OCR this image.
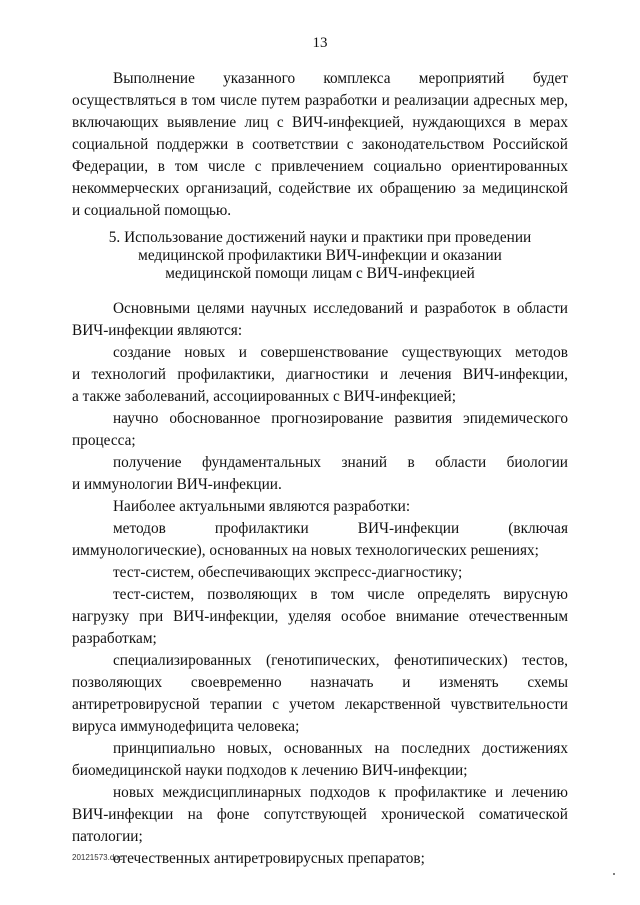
13
Выполнение указанного комплекса мероприятий будет
осуществляться в том числе путем разработки и реализации адресных мер,
включающих выявление лиц с ВИЧ-инфекцией, нуждающихся в мерах
социальной поддержки в соответствии с законодательством Российской
Федерации, в том числе с привлечением социально ориентированных
некоммерческих организаций, содействие их обращению за медицинской
и социальной помощью.
5. Использование достижений науки и практики при проведении
медицинской профилактики ВИЧ-инфекции и оказании
медицинской помощи лицам с ВИЧ-инфекцией
Основными целями научных исследований и разработок в области
ВИЧ-инфекции являются:
создание новых и совершенствование существующих методов
и технологий профилактики, диагностики и лечения ВИЧ-инфекции,
а также заболеваний, ассоциированных с ВИЧ-инфекцией;
научно обоснованное прогнозирование развития эпидемического
процесса;
получение фундаментальных знаний в области биологии
и иммунологии ВИЧ-инфекции.
Наиболее актуальными являются разработки:
методов профилактики ВИЧ-инфекции (включая
иммунологические), основанных на новых технологических решениях;
тест-систем, обеспечивающих экспресс-диагностику;
тест-систем, позволяющих в том числе определять вирусную
нагрузку при ВИЧ-инфекции, уделяя особое внимание отечественным
разработкам;
специализированных (генотипических, фенотипических) тестов,
позволяющих своевременно назначать и изменять схемы
антиретровирусной терапии с учетом лекарственной чувствительности
вируса иммунодефицита человека;
принципиально новых, основанных на последних достижениях
биомедицинской науки подходов к лечению ВИЧ-инфекции;
новых междисциплинарных подходов к профилактике и лечению
ВИЧ-инфекции на фоне сопутствующей хронической соматической
патологии;
отечественных антиретровирусных препаратов;
20121573.doc
